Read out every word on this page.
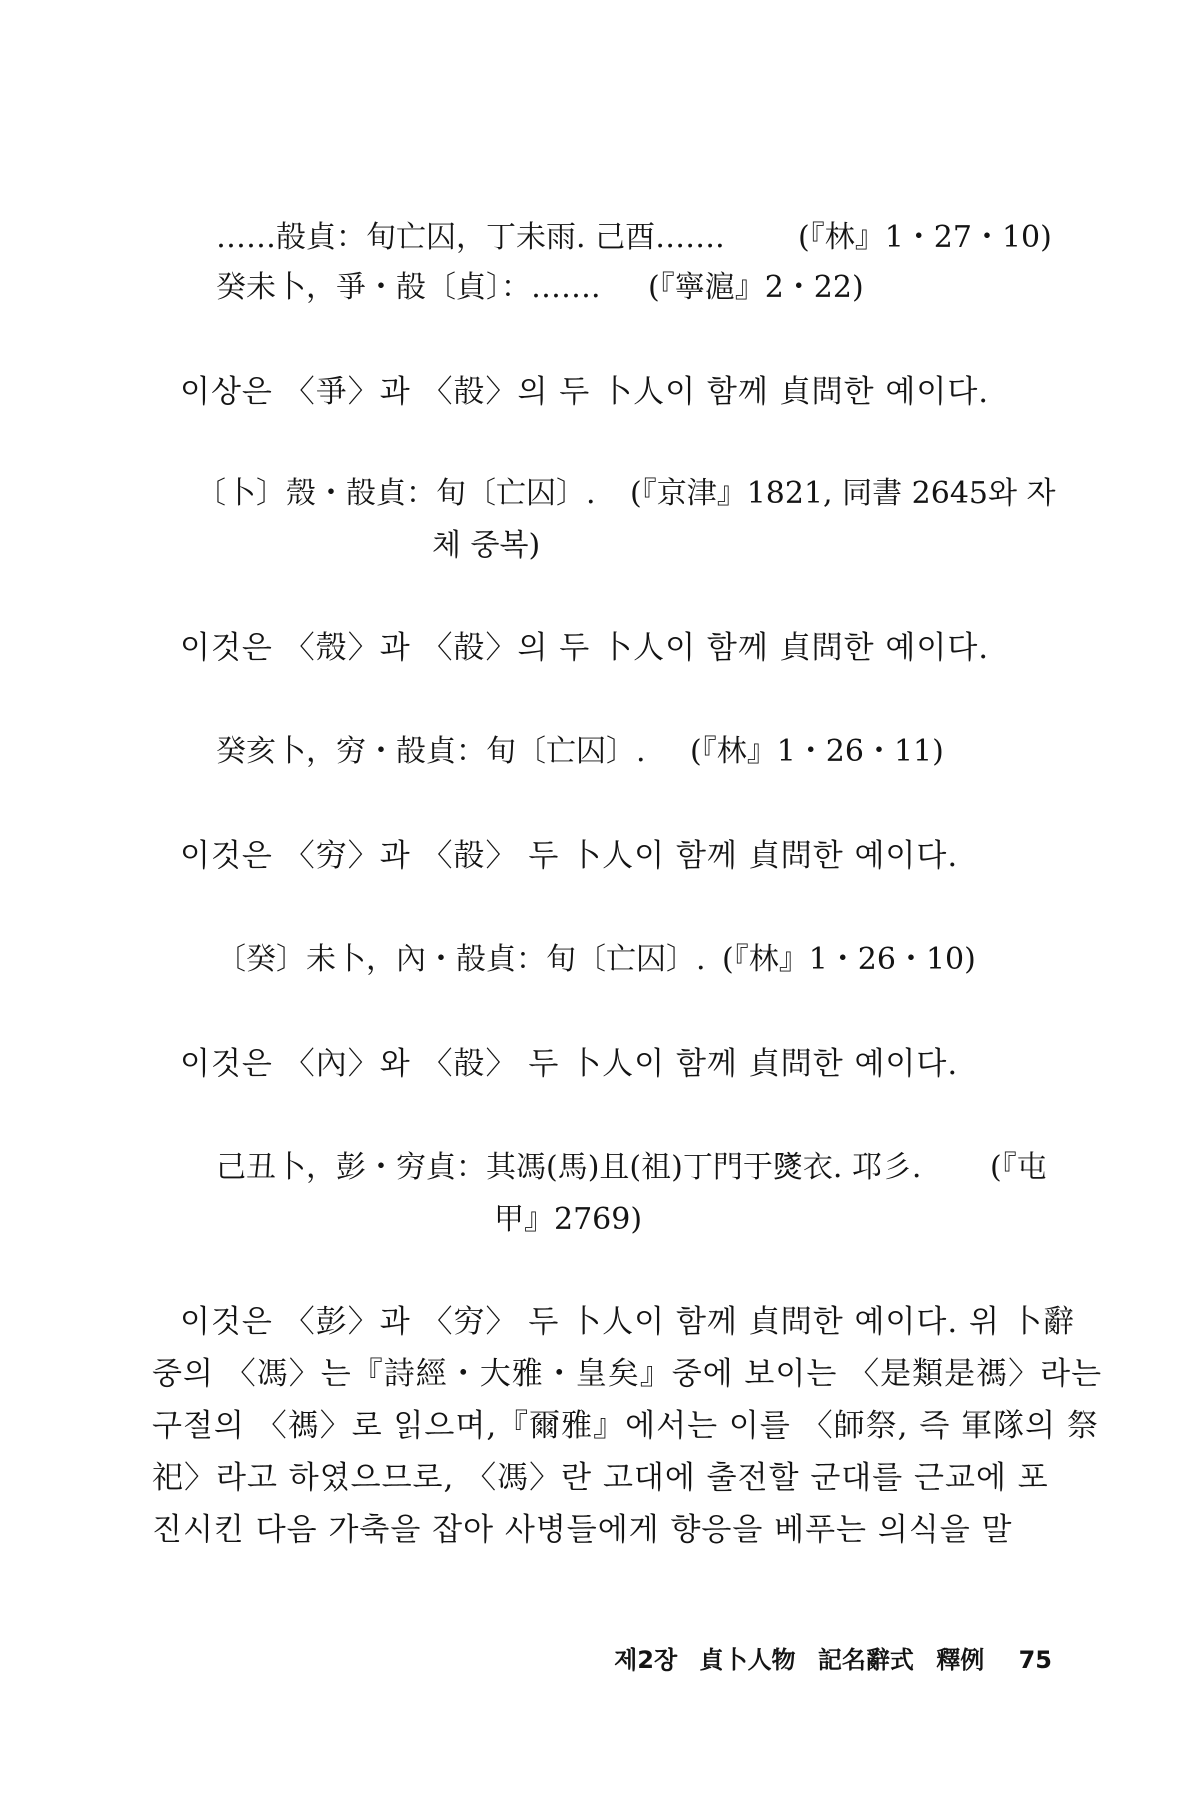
……㱿貞：旬亡囚，丁未雨. 己酉……. (『林』1・27・10)
癸未卜，爭・㱿〔貞〕：……. (『寧滬』2・22)
이상은 〈爭〉과 〈㱿〉의 두 卜人이 함께 貞問한 예이다.
〔卜〕殼・㱿貞：旬〔亡囚〕. (『京津』1821, 同書 2645와 자
체 중복)
이것은 〈殼〉과 〈㱿〉의 두 卜人이 함께 貞問한 예이다.
癸亥卜，穷・㱿貞：旬〔亡囚〕. (『林』1・26・11)
이것은 〈穷〉과 〈㱿〉 두 卜人이 함께 貞問한 예이다.
〔癸〕未卜，內・㱿貞：旬〔亡囚〕. (『林』1・26・10)
이것은 〈內〉와 〈㱿〉 두 卜人이 함께 貞問한 예이다.
己丑卜，彭・穷貞：其馮(馬)且(祖)丁門于𤎩衣. 邛彡. (『屯
甲』2769)
이것은 〈彭〉과 〈穷〉 두 卜人이 함께 貞問한 예이다. 위 卜辭
중의 〈馮〉는『詩經・大雅・皇矣』중에 보이는 〈是類是禡〉라는
구절의 〈禡〉로 읽으며,『爾雅』에서는 이를 〈師祭, 즉 軍隊의 祭
祀〉라고 하였으므로, 〈馮〉란 고대에 출전할 군대를 근교에 포
진시킨 다음 가축을 잡아 사병들에게 향응을 베푸는 의식을 말
제2장 貞卜人物 記名辭式 釋例 75
